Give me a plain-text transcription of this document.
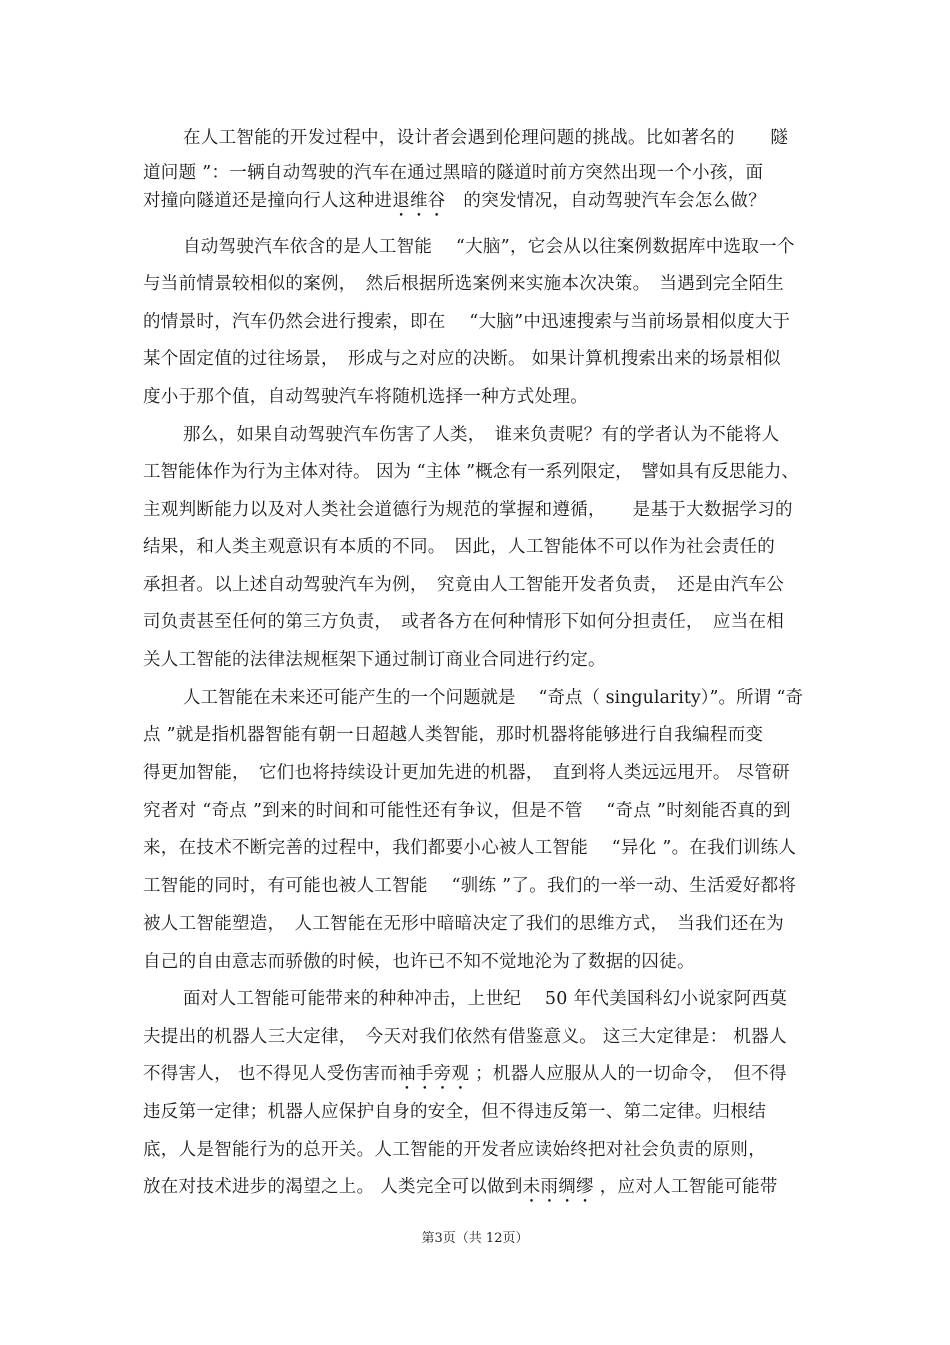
在人工智能的开发过程中，设计者会遇到伦理问题的挑战。比如著名的　　 隧
道问题 ”：一辆自动驾驶的汽车在通过黑暗的隧道时前方突然出现一个小孩，面
对撞向隧道还是撞向行人这种进退维谷　的突发情况，自动驾驶汽车会怎么做？
自动驾驶汽车依含的是人工智能　 “大脑”，它会从以往案例数据库中选取一个
与当前情景较相似的案例，　然后根据所选案例来实施本次决策。　当遇到完全陌生
的情景时，汽车仍然会进行搜索，即在　 “大脑”中迅速搜索与当前场景相似度大于
某个固定值的过往场景，　形成与之对应的决断。 如果计算机搜索出来的场景相似
度小于那个值，自动驾驶汽车将随机选择一种方式处理。
那么，如果自动驾驶汽车伤害了人类，　谁来负责呢？有的学者认为不能将人
工智能体作为行为主体对待。 因为 “主体 ”概念有一系列限定，　譬如具有反思能力、
主观判断能力以及对人类社会道德行为规范的掌握和遵循，　　是基于大数据学习的
结果，和人类主观意识有本质的不同。　因此，人工智能体不可以作为社会责任的
承担者。以上述自动驾驶汽车为例，　究竟由人工智能开发者负责，　还是由汽车公
司负责甚至任何的第三方负责，　或者各方在何种情形下如何分担责任，　应当在相
关人工智能的法律法规框架下通过制订商业合同进行约定。
人工智能在未来还可能产生的一个问题就是　 “奇点（ singularity）”。所谓 “奇
点 ”就是指机器智能有朝一日超越人类智能，那时机器将能够进行自我编程而变
得更加智能，　它们也将持续设计更加先进的机器，　直到将人类远远甩开。 尽管研
究者对 “奇点 ”到来的时间和可能性还有争议，但是不管　 “奇点 ”时刻能否真的到
来，在技术不断完善的过程中，我们都要小心被人工智能　 “异化 ”。在我们训练人
工智能的同时，有可能也被人工智能　 “驯练 ”了。我们的一举一动、生活爱好都将
被人工智能塑造，　人工智能在无形中暗暗决定了我们的思维方式，　当我们还在为
自己的自由意志而骄傲的时候，也许已不知不觉地沦为了数据的囚徒。
面对人工智能可能带来的种种冲击，上世纪　 50 年代美国科幻小说家阿西莫
夫提出的机器人三大定律，　今天对我们依然有借鉴意义。 这三大定律是： 机器人
不得害人， 也不得见人受伤害而袖手旁观 ；机器人应服从人的一切命令，　但不得
违反第一定律；机器人应保护自身的安全，但不得违反第一、第二定律。归根结
底，人是智能行为的总开关。人工智能的开发者应读始终把对社会负责的原则，
放在对技术进步的渴望之上。 人类完全可以做到未雨绸缪 ，应对人工智能可能带
第3页（共 12页）
